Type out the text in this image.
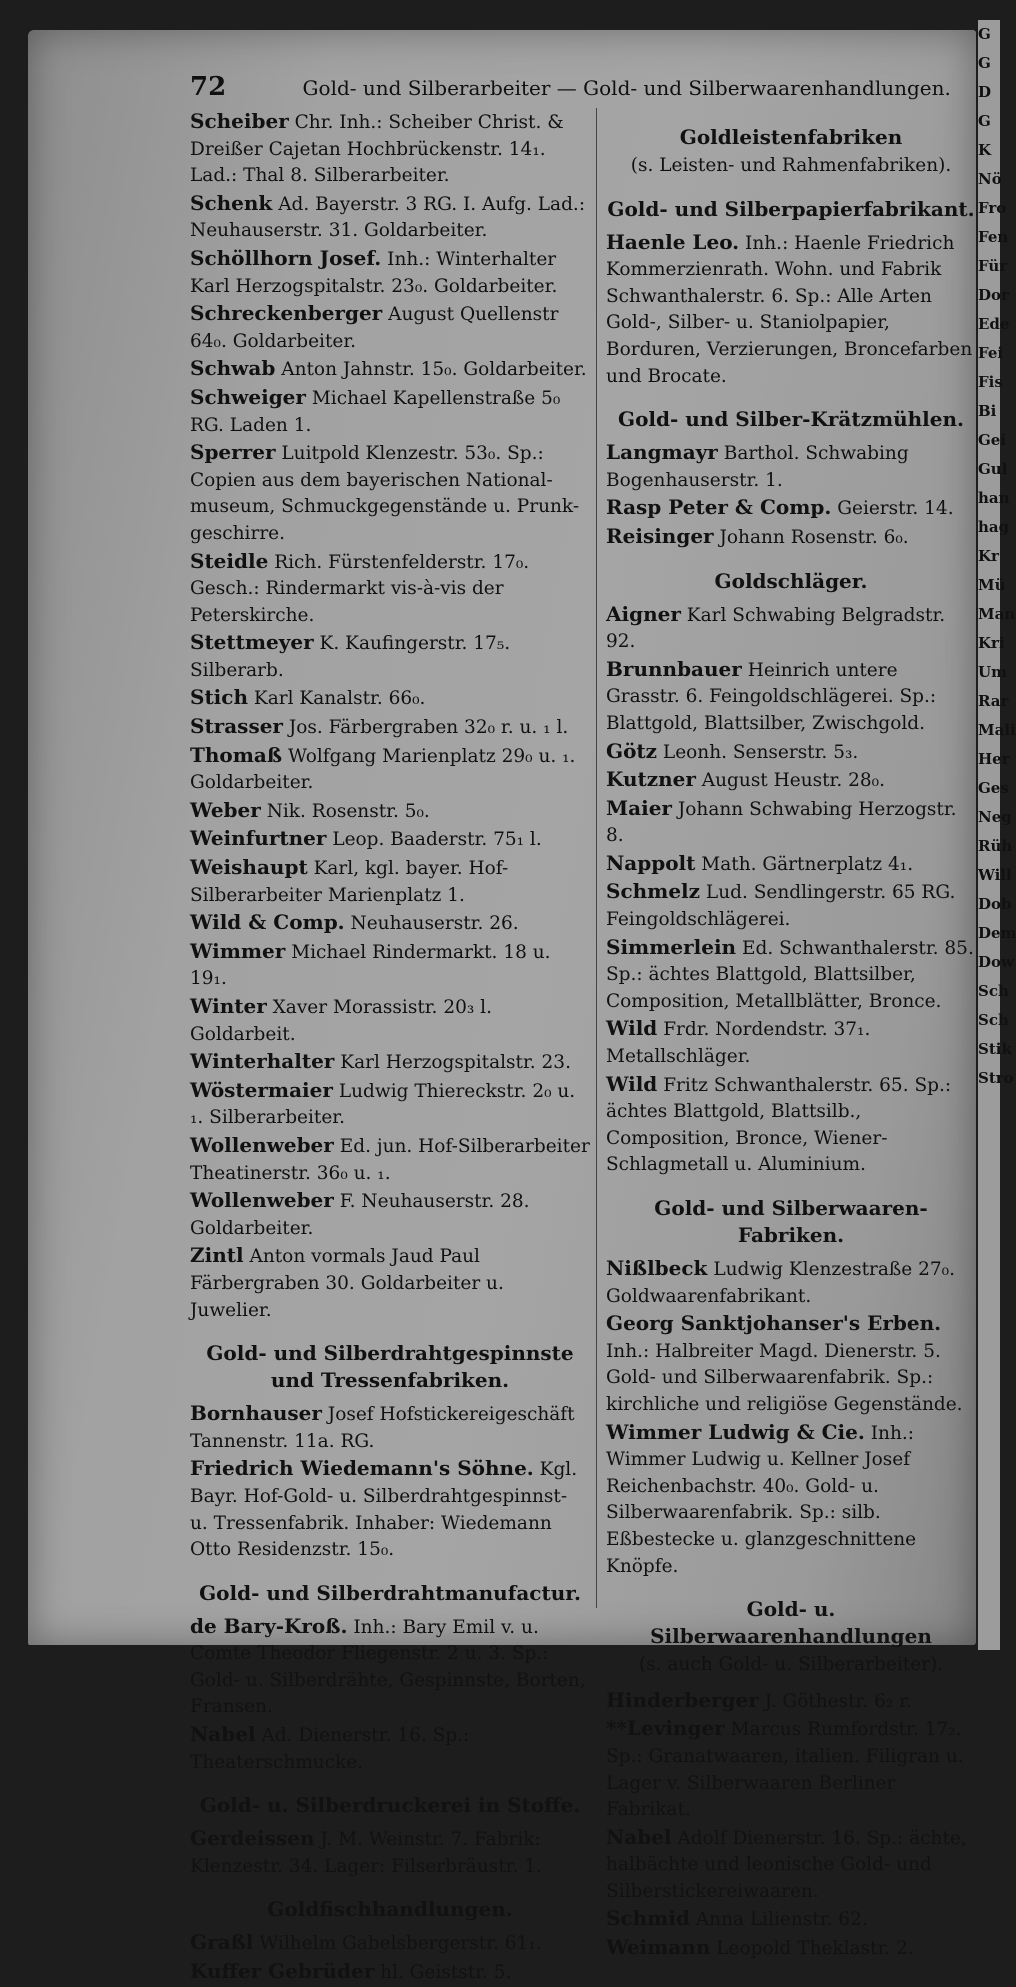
G
G
D
G
K
Nö
Fro
Fen
Für
Dor
Ede
Fei
Fis
Bi
Gei
Gul
han
hag
Kr
Mü
Man
Kri
Um
Rar
Mali
Her
Ges
Neg
Rüh
Will
Dob
Dem
Dow
Sch
Sch
Stik
Stro
72	Gold- und Silberarbeiter — Gold- und Silberwaarenhandlungen.

Scheiber Chr. Inh.: Scheiber Christ. & Dreißer Cajetan Hochbrückenstr. 14₁. Lad.: Thal 8. Silberarbeiter.

Schenk Ad. Bayerstr. 3 RG. I. Aufg. Lad.: Neuhauserstr. 31. Goldarbeiter.

Schöllhorn Josef. Inh.: Winterhalter Karl Herzogspitalstr. 23₀. Goldarbeiter.

Schreckenberger August Quellenstr 64₀. Goldarbeiter.

Schwab Anton Jahnstr. 15₀. Goldarbeiter.

Schweiger Michael Kapellenstraße 5₀ RG. Laden 1.

Sperrer Luitpold Klenzestr. 53₀. Sp.: Copien aus dem bayerischen National-museum, Schmuckgegenstände u. Prunk-geschirre.

Steidle Rich. Fürstenfelderstr. 17₀. Gesch.: Rindermarkt vis-à-vis der Peterskirche.

Stettmeyer K. Kaufingerstr. 17₅. Silberarb.

Stich Karl Kanalstr. 66₀.

Strasser Jos. Färbergraben 32₀ r. u. ₁ l.

Thomaß Wolfgang Marienplatz 29₀ u. ₁. Goldarbeiter.

Weber Nik. Rosenstr. 5₀.

Weinfurtner Leop. Baaderstr. 75₁ l.

Weishaupt Karl, kgl. bayer. Hof-Silberarbeiter Marienplatz 1.

Wild & Comp. Neuhauserstr. 26.

Wimmer Michael Rindermarkt. 18 u. 19₁.

Winter Xaver Morassistr. 20₃ l. Goldarbeit.

Winterhalter Karl Herzogspitalstr. 23.

Wöstermaier Ludwig Thiereckstr. 2₀ u. ₁. Silberarbeiter.

Wollenweber Ed. jun. Hof-Silberarbeiter Theatinerstr. 36₀ u. ₁.

Wollenweber F. Neuhauserstr. 28. Goldarbeiter.

Zintl Anton vormals Jaud Paul Färbergraben 30. Goldarbeiter u. Juwelier.

Gold- und Silberdrahtgespinnste und Tressenfabriken.

Bornhauser Josef Hofstickereigeschäft Tannenstr. 11a. RG.

Friedrich Wiedemann's Söhne. Kgl. Bayr. Hof-Gold- u. Silberdrahtgespinnst- u. Tressenfabrik. Inhaber: Wiedemann Otto Residenzstr. 15₀.

Gold- und Silberdrahtmanufactur.

de Bary-Kroß. Inh.: Bary Emil v. u. Comte Theodor Fliegenstr. 2 u. 3. Sp.: Gold- u. Silberdrähte, Gespinnste, Borten, Fransen.

Nabel Ad. Dienerstr. 16. Sp.: Theaterschmucke.

Gold- u. Silberdruckerei in Stoffe.

Gerdeissen J. M. Weinstr. 7. Fabrik: Klenzestr. 34. Lager: Filserbräustr. 1.

Goldfischhandlungen.

Graßl Wilhelm Gabelsbergerstr. 61₁.

Kuffer Gebrüder hl. Geiststr. 5.

Goldleistenfabriken
(s. Leisten- und Rahmenfabriken).
Gold- und Silberpapierfabrikant.

Haenle Leo. Inh.: Haenle Friedrich Kommerzienrath. Wohn. und Fabrik Schwanthalerstr. 6. Sp.: Alle Arten Gold-, Silber- u. Staniolpapier, Borduren, Verzierungen, Broncefarben und Brocate.

Gold- und Silber-Krätzmühlen.

Langmayr Barthol. Schwabing Bogenhauserstr. 1.

Rasp Peter & Comp. Geierstr. 14.

Reisinger Johann Rosenstr. 6₀.

Goldschläger.

Aigner Karl Schwabing Belgradstr. 92.

Brunnbauer Heinrich untere Grasstr. 6. Feingoldschlägerei. Sp.: Blattgold, Blattsilber, Zwischgold.

Götz Leonh. Senserstr. 5₃.

Kutzner August Heustr. 28₀.

Maier Johann Schwabing Herzogstr. 8.

Nappolt Math. Gärtnerplatz 4₁.

Schmelz Lud. Sendlingerstr. 65 RG. Feingoldschlägerei.

Simmerlein Ed. Schwanthalerstr. 85. Sp.: ächtes Blattgold, Blattsilber, Composition, Metallblätter, Bronce.

Wild Frdr. Nordendstr. 37₁. Metallschläger.

Wild Fritz Schwanthalerstr. 65. Sp.: ächtes Blattgold, Blattsilb., Composition, Bronce, Wiener-Schlagmetall u. Aluminium.

Gold- und Silberwaaren-Fabriken.

Nißlbeck Ludwig Klenzestraße 27₀. Goldwaarenfabrikant.

Georg Sanktjohanser's Erben. Inh.: Halbreiter Magd. Dienerstr. 5. Gold- und Silberwaarenfabrik. Sp.: kirchliche und religiöse Gegenstände.

Wimmer Ludwig & Cie. Inh.: Wimmer Ludwig u. Kellner Josef Reichenbachstr. 40₀. Gold- u. Silberwaarenfabrik. Sp.: silb. Eßbestecke u. glanzgeschnittene Knöpfe.

Gold- u. Silberwaarenhandlungen
(s. auch Gold- u. Silberarbeiter).

Hinderberger J. Göthestr. 6₂ r.

**Levinger Marcus Rumfordstr. 17₂. Sp.: Granatwaaren, italien. Filigran u. Lager v. Silberwaaren Berliner Fabrikat.

Nabel Adolf Dienerstr. 16. Sp.: ächte, halbächte und leonische Gold- und Silberstickereiwaaren.

Schmid Anna Lilienstr. 62.

Weimann Leopold Theklastr. 2.
